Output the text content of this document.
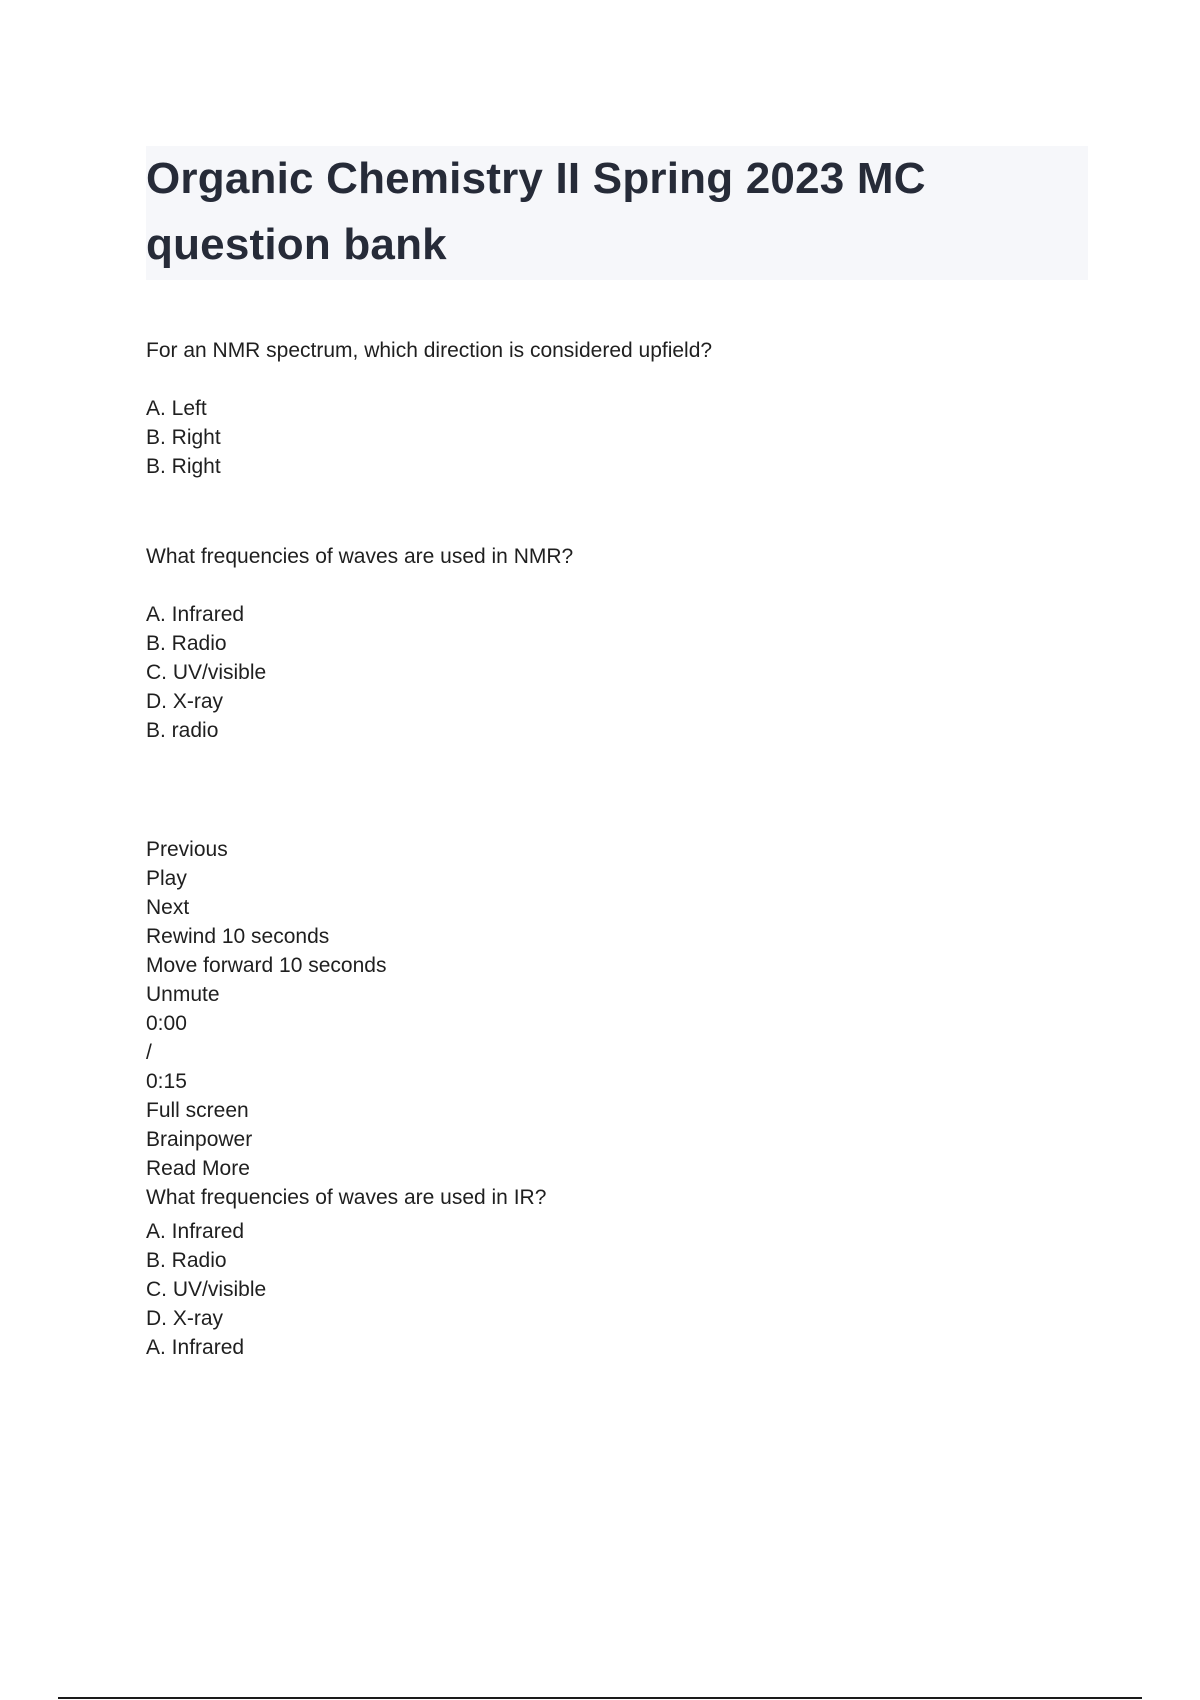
Organic Chemistry II Spring 2023 MC
question bank
For an NMR spectrum, which direction is considered upfield?
A. Left
B. Right
B. Right
What frequencies of waves are used in NMR?
A. Infrared
B. Radio
C. UV/visible
D. X-ray
B. radio
Previous
Play
Next
Rewind 10 seconds
Move forward 10 seconds
Unmute
0:00
/
0:15
Full screen
Brainpower
Read More
What frequencies of waves are used in IR?
A. Infrared
B. Radio
C. UV/visible
D. X-ray
A. Infrared
